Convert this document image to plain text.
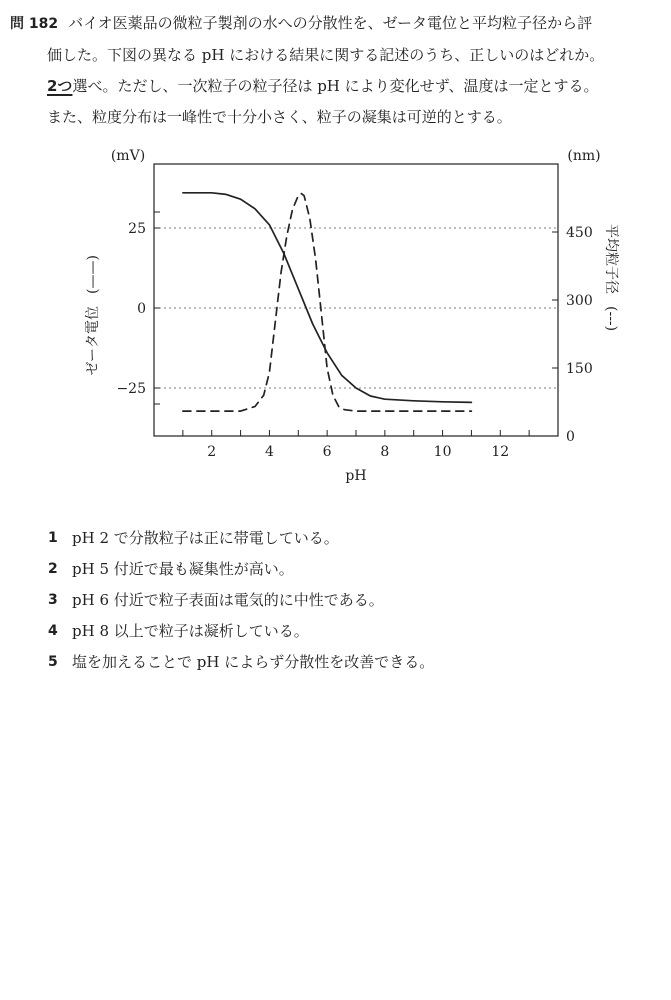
問 182 バイオ医薬品の微粒子製剤の水への分散性を、ゼータ電位と平均粒子径から評
価した。下図の異なる pH における結果に関する記述のうち、正しいのはどれか。
2つ選べ。ただし、一次粒子の粒子径は pH により変化せず、温度は一定とする。
また、粒度分布は一峰性で十分小さく、粒子の凝集は可逆的とする。
2	4	6	8	10	12
25
0
−25
450
300
150
0
(mV)	(nm)
pH
ゼータ電位
(——)	平均粒子径
(---)
1 pH 2 で分散粒子は正に帯電している。
2 pH 5 付近で最も凝集性が高い。
3 pH 6 付近で粒子表面は電気的に中性である。
4 pH 8 以上で粒子は凝析している。
5 塩を加えることで pH によらず分散性を改善できる。
